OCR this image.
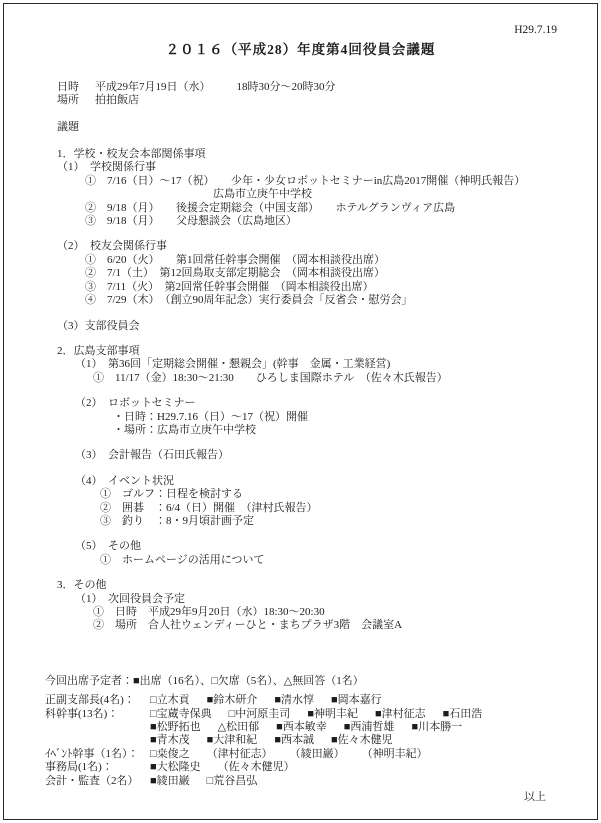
H29.7.19
２０１６（平成28）年度第4回役員会議題
日時 平成29年7月19日（水） 18時30分～20時30分
場所 拍拍飯店
議題
1．学校・校友会本部関係事項
（1）　学校関係行事
①　7/16（日）～17（祝）　　少年・少女ロボットセミナーin広島2017開催（神明氏報告）
広島市立庚午中学校
②　9/18（月）　　後援会定期総会（中国支部）　　ホテルグランヴィア広島
③　9/18（月）　　父母懇談会（広島地区）
（2）　校友会関係行事
①　6/20（火）　　第1回常任幹事会開催　（岡本相談役出席）
②　7/1（土）　第12回鳥取支部定期総会　（岡本相談役出席）
③　7/11（火）　第2回常任幹事会開催　（岡本相談役出席）
④　7/29（木）　（創立90周年記念）実行委員会「反省会・慰労会」
（3）支部役員会
2．広島支部事項
（1）　第36回「定期総会開催・懇親会」(幹事　金属・工業経営)
①　11/17（金）18:30～21:30　　ひろしま国際ホテル　（佐々木氏報告）
（2）　ロボットセミナー
・日時：H29.7.16（日）～17（祝）開催
・場所：広島市立庚午中学校
（3）　会計報告（石田氏報告）
（4）　イベント状況
①　ゴルフ：日程を検討する
②　囲碁　：6/4（日）開催　（津村氏報告）
③　釣り　：8・9月頃計画予定
（5）　その他
①　ホームページの活用について
3．その他
（1）　次回役員会予定
①　日時　平成29年9月20日（水）18:30～20:30
②　場所　合人社ウェンディーひと・まちプラザ3階　会議室A
今回出席予定者：■出席（16名）、□欠席（5名）、△無回答（1名）
正副支部長(4名)：	□立木貢 ■鈴木研介 ■清水惇 ■岡本嘉行
科幹事(13名)：	□宝蔵寺保典 □中河原圭司 ■神明丰紀 ■津村征志 ■石田浩
■松野拓也 △松田郁 ■西本敏幸 ■西浦哲雄 ■川本勝一
■青木茂 ■大津和紀 ■西本誠 ■佐々木健児
ｲﾍﾞﾝﾄ幹事（1名）：	□桒俊之 （津村征志） （綾田巌） （神明丰紀）
事務局(1名)：	■大松隆史 （佐々木健児）
会計・監査（2名）	■綾田巌 □荒谷昌弘
以上
